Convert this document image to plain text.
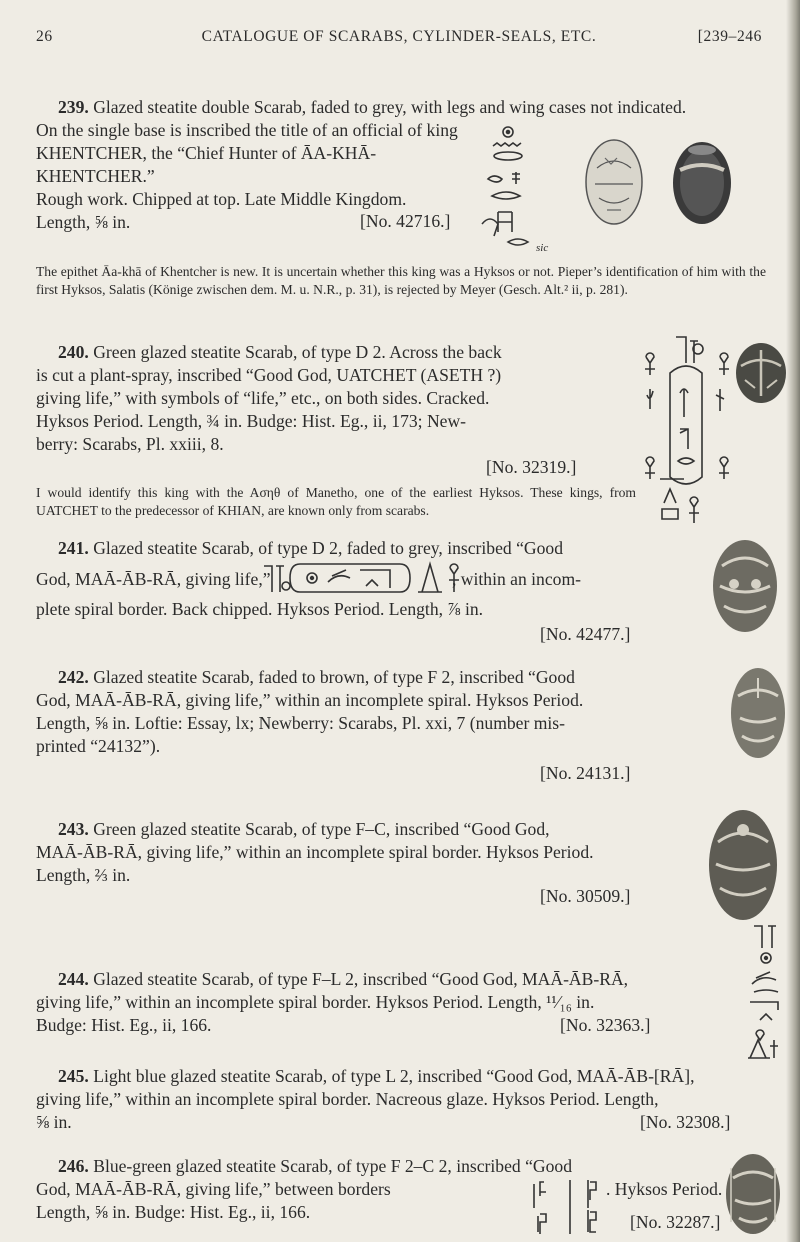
26	CATALOGUE OF SCARABS, CYLINDER-SEALS, ETC.	[239–246

239. Glazed steatite double Scarab, faded to grey, with legs and wing cases not indicated.

On the single base is inscribed the title of an official of king

KHENTCHER, the “Chief Hunter of ĀA-KHĀ-KHENTCHER.”

Rough work. Chipped at top. Late Middle Kingdom.

Length, ⅝ in.	[No. 42716.]
sic

The epithet Āa-khā of Khentcher is new. It is uncertain whether this king was a Hyksos or not. Pieper’s identification of him with the first Hyksos, Salatis (Könige zwischen dem. M. u. N.R., p. 31), is rejected by Meyer (Gesch. Alt.² ii, p. 281).

240. Green glazed steatite Scarab, of type D 2. Across the back

is cut a plant-spray, inscribed “Good God, UATCHET (ASETH ?)

giving life,” with symbols of “life,” etc., on both sides. Cracked.

Hyksos Period. Length, ¾ in. Budge: Hist. Eg., ii, 173; New-

berry: Scarabs, Pl. xxiii, 8.

[No. 32319.]

I would identify this king with the Aσηθ of Manetho, one of the earliest Hyksos. These kings, from UATCHET to the predecessor of KHIAN, are known only from scarabs.

241. Glazed steatite Scarab, of type D 2, faded to grey, inscribed “Good

God, MAĀ-ĀB-RĀ, giving life,”	, within an incom-
plete spiral border. Back chipped. Hyksos Period. Length, ⅞ in.
[No. 42477.]

242. Glazed steatite Scarab, faded to brown, of type F 2, inscribed “Good

God, MAĀ-ĀB-RĀ, giving life,” within an incomplete spiral. Hyksos Period.

Length, ⅝ in. Loftie: Essay, lx; Newberry: Scarabs, Pl. xxi, 7 (number mis-

printed “24132”).

[No. 24131.]

243. Green glazed steatite Scarab, of type F–C, inscribed “Good God,

MAĀ-ĀB-RĀ, giving life,” within an incomplete spiral border. Hyksos Period.

Length, ⅔ in.

[No. 30509.]

244. Glazed steatite Scarab, of type F–L 2, inscribed “Good God, MAĀ-ĀB-RĀ,

giving life,” within an incomplete spiral border. Hyksos Period. Length, ¹¹⁄₁₆ in.

Budge: Hist. Eg., ii, 166.	[No. 32363.]

245. Light blue glazed steatite Scarab, of type L 2, inscribed “Good God, MAĀ-ĀB-[RĀ],

giving life,” within an incomplete spiral border. Nacreous glaze. Hyksos Period. Length,

⅝ in.	[No. 32308.]

246. Blue-green glazed steatite Scarab, of type F 2–C 2, inscribed “Good

God, MAĀ-ĀB-RĀ, giving life,” between borders	. Hyksos Period.
Length, ⅝ in. Budge: Hist. Eg., ii, 166.	[No. 32287.]
